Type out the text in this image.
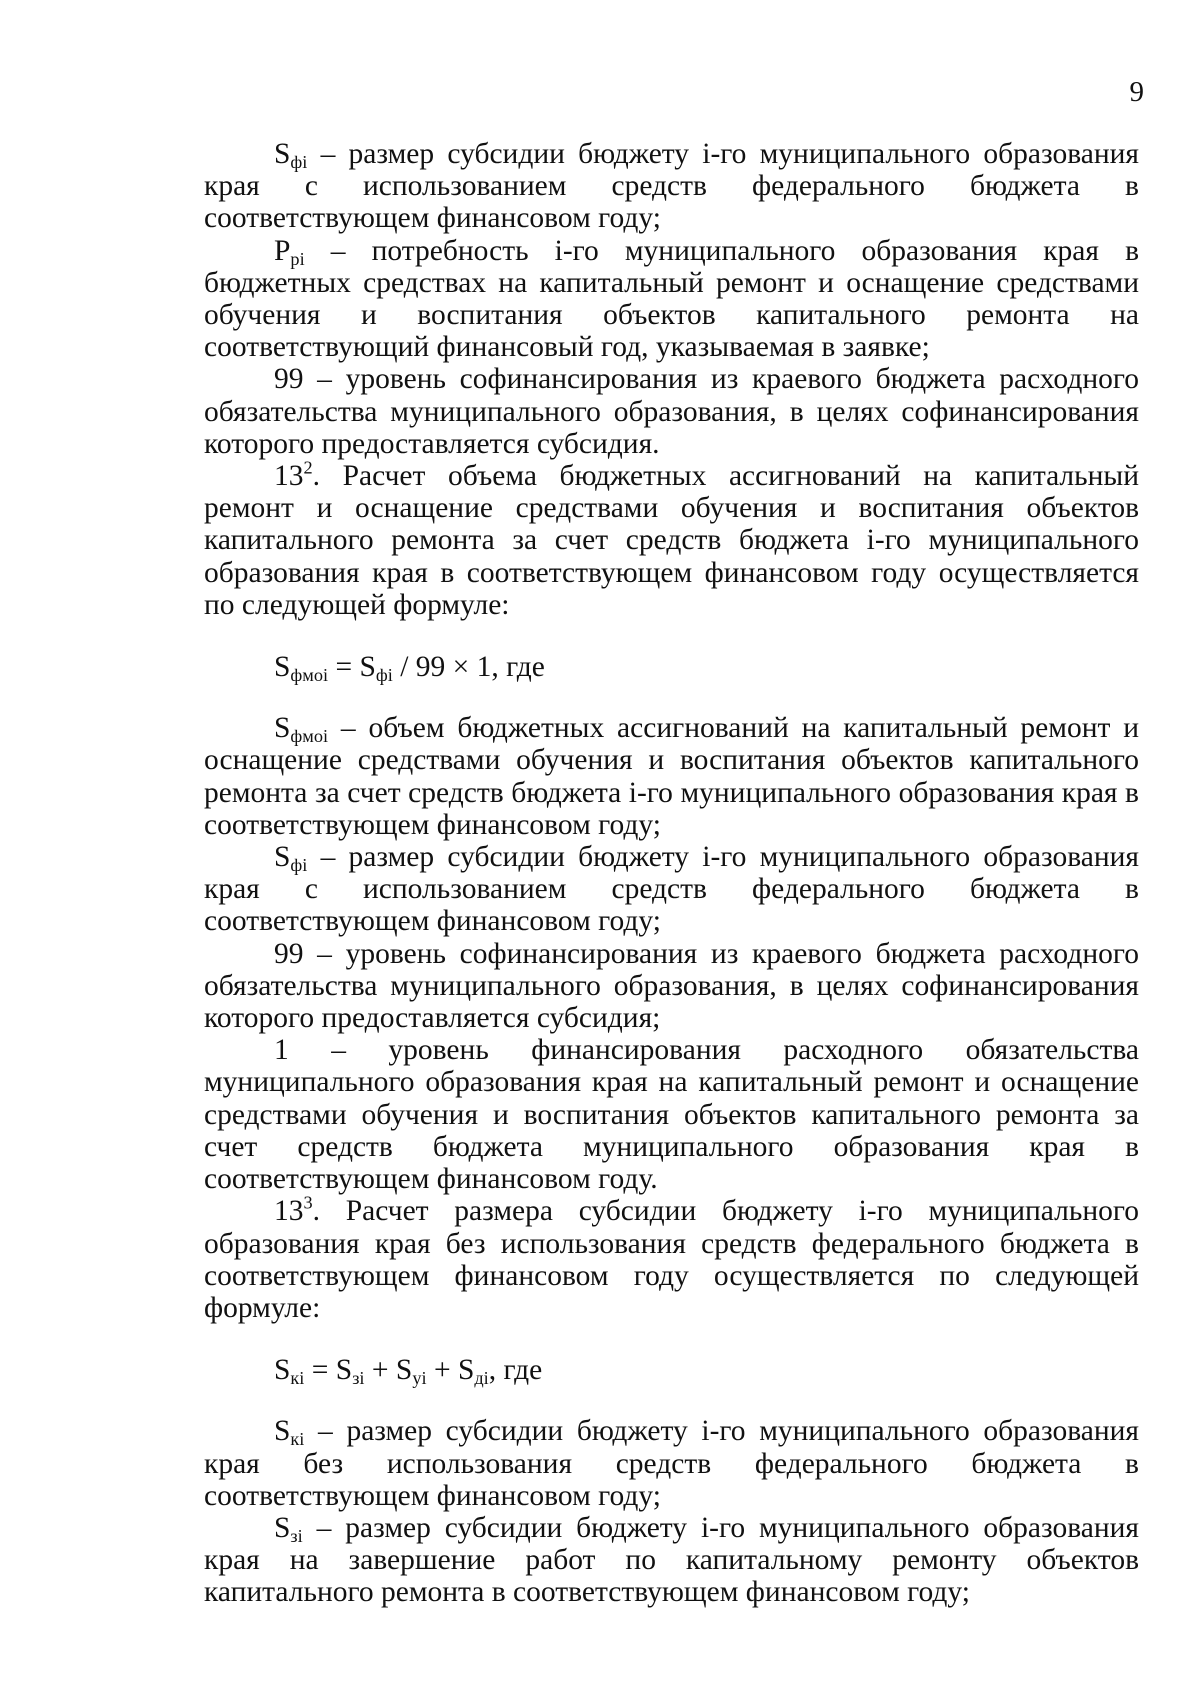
9

$S_{фі}$ – размер субсидии бюджету і-го муниципального образования края с использованием средств федерального бюджета в соответствующем финансовом году;

$P_{pi}$ – потребность і-го муниципального образования края в бюджетных средствах на капитальный ремонт и оснащение средствами обучения и воспитания объектов капитального ремонта на соответствующий финансовый год, указываемая в заявке;

99 – уровень софинансирования из краевого бюджета расходного обязательства муниципального образования, в целях софинансирования которого предоставляется субсидия.

$13^2$. Расчет объема бюджетных ассигнований на капитальный ремонт и оснащение средствами обучения и воспитания объектов капитального ремонта за счет средств бюджета і-го муниципального образования края в соответствующем финансовом году осуществляется по следующей формуле:

$S_{фмоі} = S_{фі} / 99 \times 1$, где

$S_{фмоі}$ – объем бюджетных ассигнований на капитальный ремонт и оснащение средствами обучения и воспитания объектов капитального ремонта за счет средств бюджета і-го муниципального образования края в соответствующем финансовом году;

$S_{фі}$ – размер субсидии бюджету і-го муниципального образования края с использованием средств федерального бюджета в соответствующем финансовом году;

99 – уровень софинансирования из краевого бюджета расходного обязательства муниципального образования, в целях софинансирования которого предоставляется субсидия;

1 – уровень финансирования расходного обязательства муниципального образования края на капитальный ремонт и оснащение средствами обучения и воспитания объектов капитального ремонта за счет средств бюджета муниципального образования края в соответствующем финансовом году.

$13^3$. Расчет размера субсидии бюджету і-го муниципального образования края без использования средств федерального бюджета в соответствующем финансовом году осуществляется по следующей формуле:

$S_{кі} = S_{зі} + S_{уі} + S_{ді}$, где

$S_{кі}$ – размер субсидии бюджету і-го муниципального образования края без использования средств федерального бюджета в соответствующем финансовом году;

$S_{зі}$ – размер субсидии бюджету і-го муниципального образования края на завершение работ по капитальному ремонту объектов капитального ремонта в соответствующем финансовом году;
